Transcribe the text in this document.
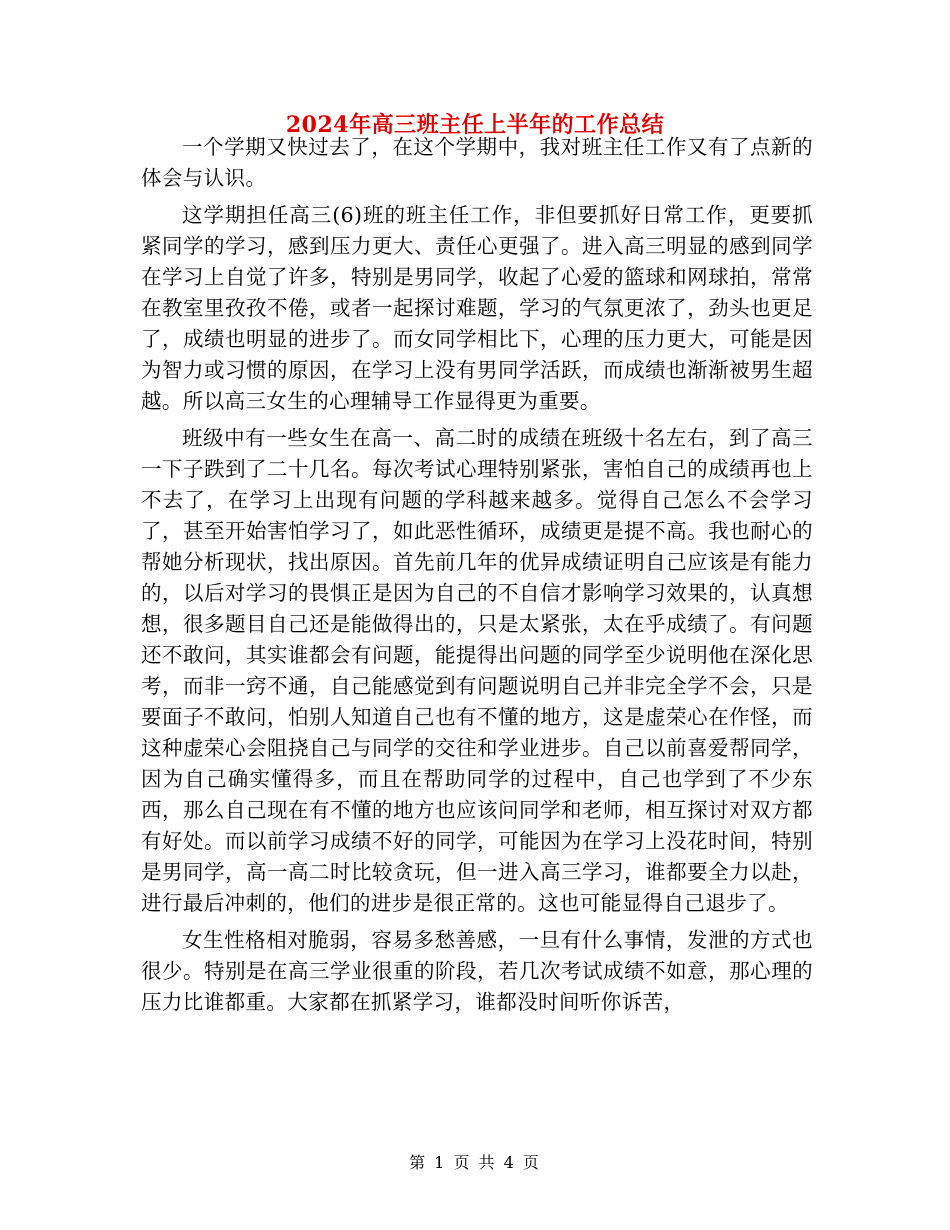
2024年高三班主任上半年的工作总结

一个学期又快过去了，在这个学期中，我对班主任工作又有了点新的体会与认识。

这学期担任高三(6)班的班主任工作，非但要抓好日常工作，更要抓紧同学的学习，感到压力更大、责任心更强了。进入高三明显的感到同学在学习上自觉了许多，特别是男同学，收起了心爱的篮球和网球拍，常常在教室里孜孜不倦，或者一起探讨难题，学习的气氛更浓了，劲头也更足了，成绩也明显的进步了。而女同学相比下，心理的压力更大，可能是因为智力或习惯的原因，在学习上没有男同学活跃，而成绩也渐渐被男生超越。所以高三女生的心理辅导工作显得更为重要。

班级中有一些女生在高一、高二时的成绩在班级十名左右，到了高三一下子跌到了二十几名。每次考试心理特别紧张，害怕自己的成绩再也上不去了，在学习上出现有问题的学科越来越多。觉得自己怎么不会学习了，甚至开始害怕学习了，如此恶性循环，成绩更是提不高。我也耐心的帮她分析现状，找出原因。首先前几年的优异成绩证明自己应该是有能力的，以后对学习的畏惧正是因为自己的不自信才影响学习效果的，认真想想，很多题目自己还是能做得出的，只是太紧张，太在乎成绩了。有问题还不敢问，其实谁都会有问题，能提得出问题的同学至少说明他在深化思考，而非一窍不通，自己能感觉到有问题说明自己并非完全学不会，只是要面子不敢问，怕别人知道自己也有不懂的地方，这是虚荣心在作怪，而这种虚荣心会阻挠自己与同学的交往和学业进步。自己以前喜爱帮同学，因为自己确实懂得多，而且在帮助同学的过程中，自己也学到了不少东西，那么自己现在有不懂的地方也应该问同学和老师，相互探讨对双方都有好处。而以前学习成绩不好的同学，可能因为在学习上没花时间，特别是男同学，高一高二时比较贪玩，但一进入高三学习，谁都要全力以赴，进行最后冲刺的，他们的进步是很正常的。这也可能显得自己退步了。

女生性格相对脆弱，容易多愁善感，一旦有什么事情，发泄的方式也很少。特别是在高三学业很重的阶段，若几次考试成绩不如意，那心理的压力比谁都重。大家都在抓紧学习，谁都没时间听你诉苦，

第 1 页 共 4 页
